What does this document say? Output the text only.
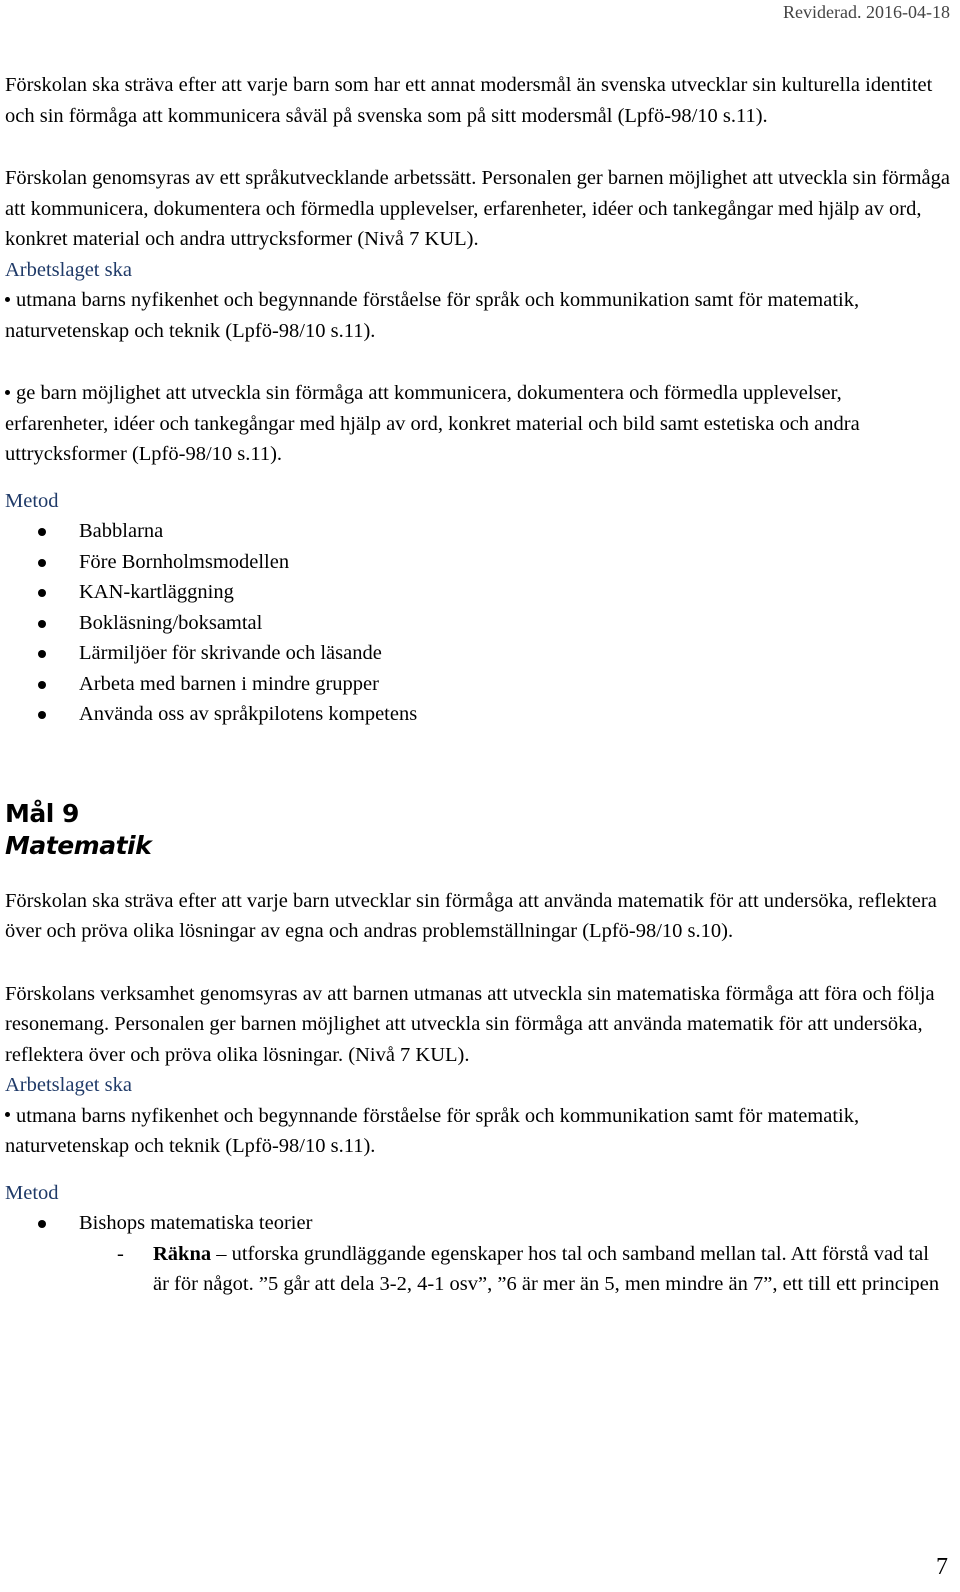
Reviderad. 2016-04-18

Förskolan ska sträva efter att varje barn som har ett annat modersmål än svenska utvecklar sin kulturella identitet och sin förmåga att kommunicera såväl på svenska som på sitt modersmål (Lpfö-98/10 s.11).

Förskolan genomsyras av ett språkutvecklande arbetssätt. Personalen ger barnen möjlighet att utveckla sin förmåga att kommunicera, dokumentera och förmedla upplevelser, erfarenheter, idéer och tankegångar med hjälp av ord, konkret material och andra uttrycksformer (Nivå 7 KUL).

Arbetslaget ska

utmana barns nyfikenhet och begynnande förståelse för språk och kommunikation samt för matematik, naturvetenskap och teknik (Lpfö-98/10 s.11).

ge barn möjlighet att utveckla sin förmåga att kommunicera, dokumentera och förmedla upplevelser, erfarenheter, idéer och tankegångar med hjälp av ord, konkret material och bild samt estetiska och andra uttrycksformer (Lpfö-98/10 s.11).

Metod

Babblarna
Före Bornholmsmodellen
KAN-kartläggning
Bokläsning/boksamtal
Lärmiljöer för skrivande och läsande
Arbeta med barnen i mindre grupper
Använda oss av språkpilotens kompetens

Mål 9

Matematik

Förskolan ska sträva efter att varje barn utvecklar sin förmåga att använda matematik för att undersöka, reflektera över och pröva olika lösningar av egna och andras problemställningar (Lpfö-98/10 s.10).

Förskolans verksamhet genomsyras av att barnen utmanas att utveckla sin matematiska förmåga att föra och följa resonemang. Personalen ger barnen möjlighet att utveckla sin förmåga att använda matematik för att undersöka, reflektera över och pröva olika lösningar. (Nivå 7 KUL).

Arbetslaget ska

utmana barns nyfikenhet och begynnande förståelse för språk och kommunikation samt för matematik, naturvetenskap och teknik (Lpfö-98/10 s.11).

Metod

Bishops matematiska teorier

- Räkna – utforska grundläggande egenskaper hos tal och samband mellan tal. Att förstå vad tal är för något. ”5 går att dela 3-2, 4-1 osv”, ”6 är mer än 5, men mindre än 7”, ett till ett principen

7
